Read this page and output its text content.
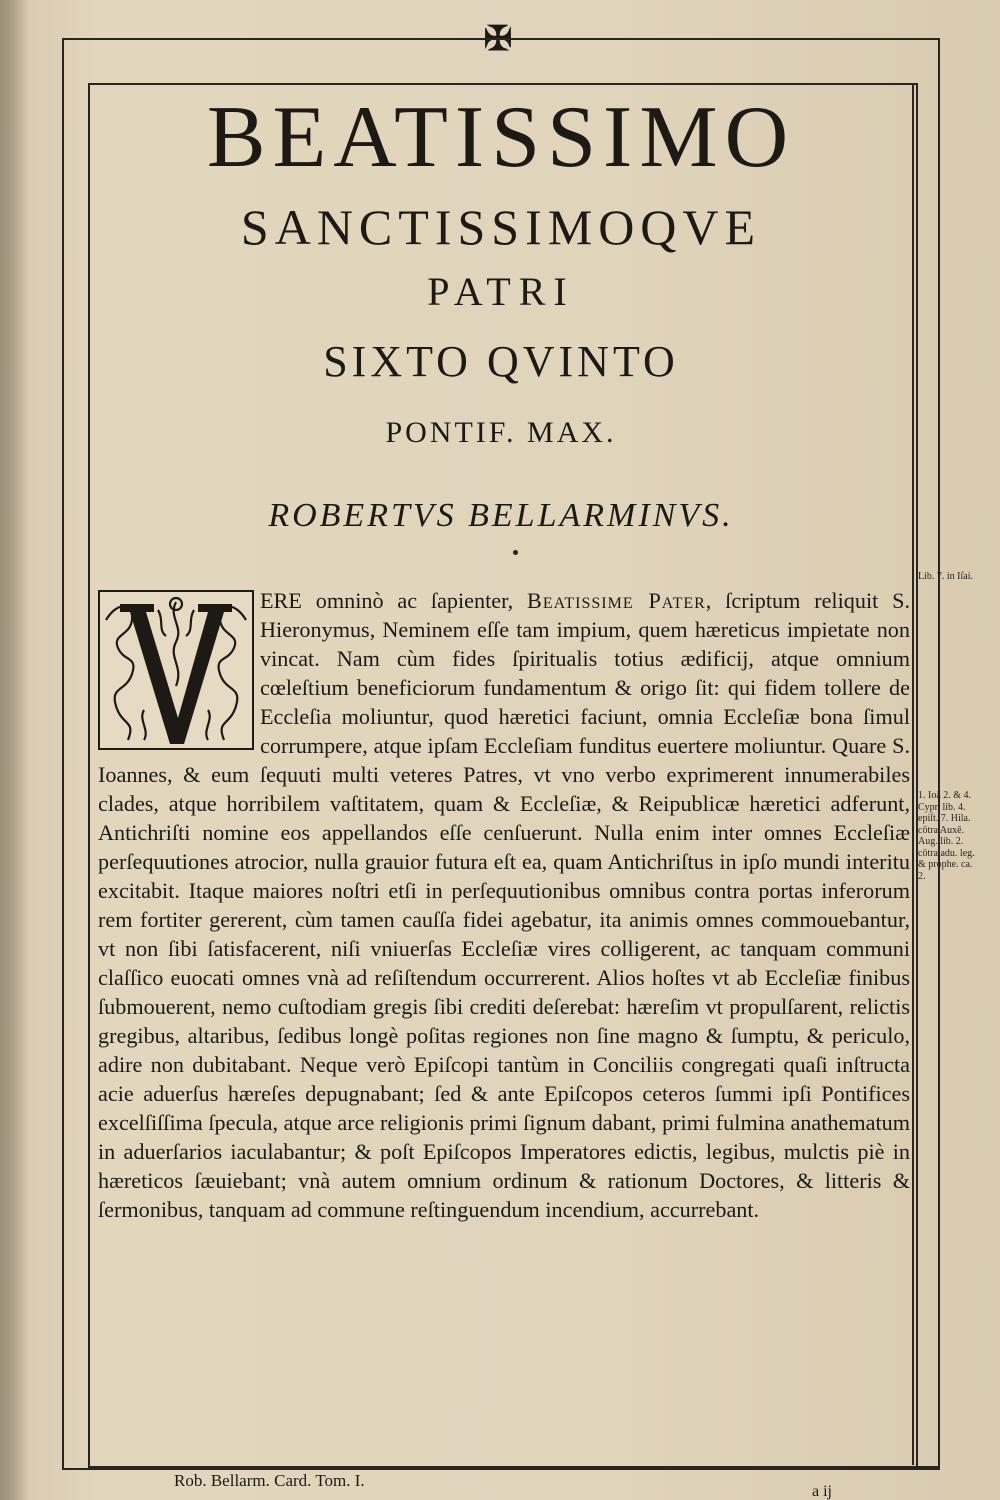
✠
BEATISSIMO
SANCTISSIMOQVE
PATRI
SIXTO QVINTO
PONTIF. MAX.
ROBERTVS BELLARMINVS.

ERE omninò ac ſapienter, Beatissime Pater, ſcriptum reliquit S. Hieronymus, Neminem eſſe tam impium, quem hæreticus impietate non vincat. Nam cùm fides ſpiritualis totius ædificij, atque omnium cœleſtium beneficiorum fundamentum & origo ſit: qui fidem tollere de Eccleſia moliuntur, quod hæretici faciunt, omnia Eccleſiæ bona ſimul corrumpere, atque ipſam Eccleſiam funditus euertere moliuntur. Quare S. Ioannes, & eum ſequuti multi veteres Patres, vt vno verbo exprimerent innumerabiles clades, atque horribilem vaſtitatem, quam & Eccleſiæ, & Reipublicæ hæretici adferunt, Antichriſti nomine eos appellandos eſſe cenſuerunt. Nulla enim inter omnes Eccleſiæ perſequutiones atrocior, nulla grauior futura eſt ea, quam Antichriſtus in ipſo mundi interitu excitabit. Itaque maiores noſtri etſi in perſequutionibus omnibus contra portas inferorum rem fortiter gererent, cùm tamen cauſſa fidei agebatur, ita animis omnes commouebantur, vt non ſibi ſatisfacerent, niſi vniuerſas Eccleſiæ vires colligerent, ac tanquam communi claſſico euocati omnes vnà ad reſiſtendum occurrerent. Alios hoſtes vt ab Eccleſiæ finibus ſubmouerent, nemo cuſtodiam gregis ſibi crediti deſerebat: hæreſim vt propulſarent, relictis gregibus, altaribus, ſedibus longè poſitas regiones non ſine magno & ſumptu, & periculo, adire non dubitabant. Neque verò Epiſcopi tantùm in Conciliis congregati quaſi inſtructa acie aduerſus hæreſes depugnabant; ſed & ante Epiſcopos ceteros ſummi ipſi Pontifices excelſiſſima ſpecula, atque arce religionis primi ſignum dabant, primi fulmina anathematum in aduerſarios iaculabantur; & poſt Epiſcopos Imperatores edictis, legibus, mulctis piè in hæreticos ſæuiebant; vnà autem omnium ordinum & rationum Doctores, & litteris & ſermonibus, tanquam ad commune reſtinguendum incendium, accurrebant.

Lib. 7. in Iſai.
1. Ioā 2. & 4. Cypr. lib. 4. epiſt. 7. Hila. cōtra Auxē. Aug. lib. 2. cōtra adu. leg. & prophe. ca. 2.
Rob. Bellarm. Card. Tom. I.
a ij
